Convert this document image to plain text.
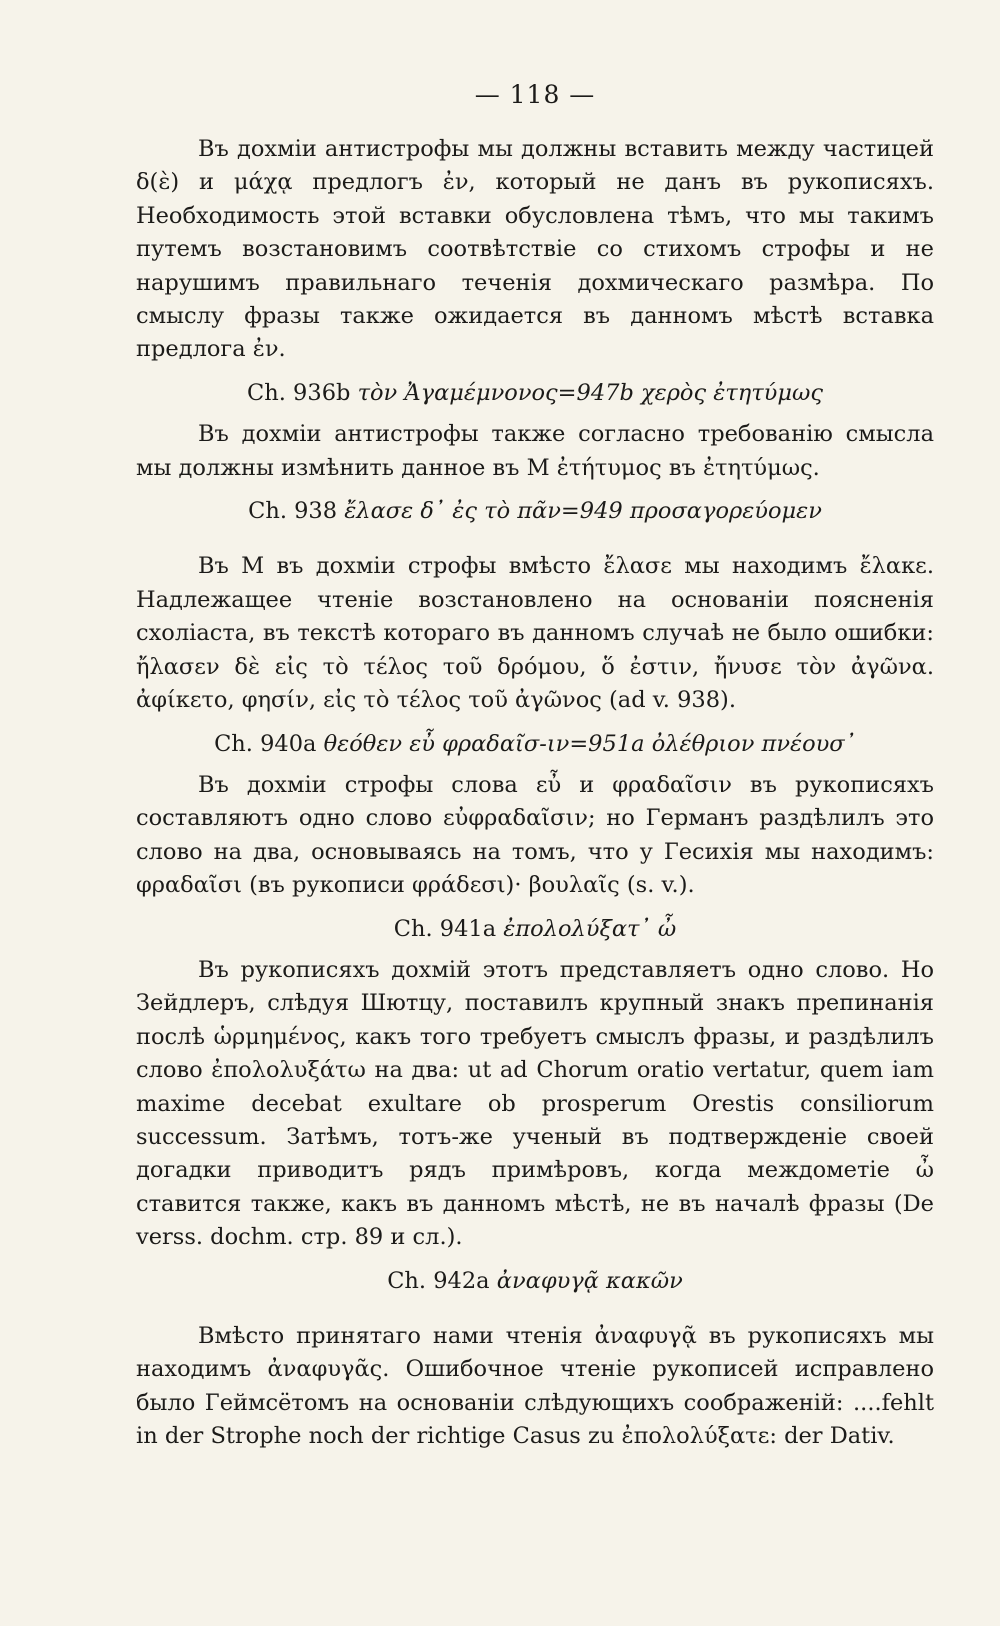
— 118 —

Въ дохміи антистрофы мы должны вставить между частицей δ(ὲ) и μάχᾳ предлогъ ἐν, который не данъ въ рукописяхъ. Необходимость этой вставки обусловлена тѣмъ, что мы такимъ путемъ возстановимъ соотвѣтствіе со стихомъ строфы и не нарушимъ правильнаго теченія дохмическаго размѣра. По смыслу фразы также ожидается въ данномъ мѣстѣ вставка предлога ἐν.

Ch. 936b τὸν Ἀγαμέμνονος=947b χερὸς ἐτητύμως

Въ дохміи антистрофы также согласно требованію смысла мы должны измѣнить данное въ М ἐτήτυμος въ ἐτητύμως.

Ch. 938 ἔλασε δ᾽ ἐς τὸ πᾶν=949 προσαγορεύομεν

Въ М въ дохміи строфы вмѣсто ἔλασε мы находимъ ἔλακε. Надлежащее чтеніе возстановлено на основаніи поясненія схоліаста, въ текстѣ котораго въ данномъ случаѣ не было ошибки: ἤλασεν δὲ εἰς τὸ τέλος τοῦ δρόμου, ὅ ἐστιν, ἤνυσε τὸν ἀγῶνα. ἀφίκετο, φησίν, εἰς τὸ τέλος τοῦ ἀγῶνος (ad v. 938).

Ch. 940a θεόθεν εὖ φραδαῖσ-ιν=951a ὀλέθριον πνέουσ᾽

Въ дохміи строфы слова εὖ и φραδαῖσιν въ рукописяхъ составляютъ одно слово εὐφραδαῖσιν; но Германъ раздѣлилъ это слово на два, основываясь на томъ, что у Гесихія мы находимъ: φραδαῖσι (въ рукописи φράδεσι)· βουλαῖς (s. v.).

Ch. 941a ἐπολολύξατ᾽ ὦ

Въ рукописяхъ дохмій этотъ представляетъ одно слово. Но Зейдлеръ, слѣдуя Шютцу, поставилъ крупный знакъ препинанія послѣ ὡρμημένος, какъ того требуетъ смыслъ фразы, и раздѣлилъ слово ἐπολολυξάτω на два: ut ad Chorum oratio vertatur, quem iam maxime decebat exultare ob prosperum Orestis consiliorum successum. Затѣмъ, тотъ-же ученый въ подтвержденіе своей догадки приводитъ рядъ примѣровъ, когда междометіе ὦ ставится также, какъ въ данномъ мѣстѣ, не въ началѣ фразы (De verss. dochm. стр. 89 и сл.).

Ch. 942a ἀναφυγᾷ κακῶν

Вмѣсто принятаго нами чтенія ἀναφυγᾷ въ рукописяхъ мы находимъ ἀναφυγᾶς. Ошибочное чтеніе рукописей исправлено было Геймсётомъ на основаніи слѣдующихъ соображеній: ....fehlt in der Strophe noch der richtige Casus zu ἐπολολύξατε: der Dativ.
